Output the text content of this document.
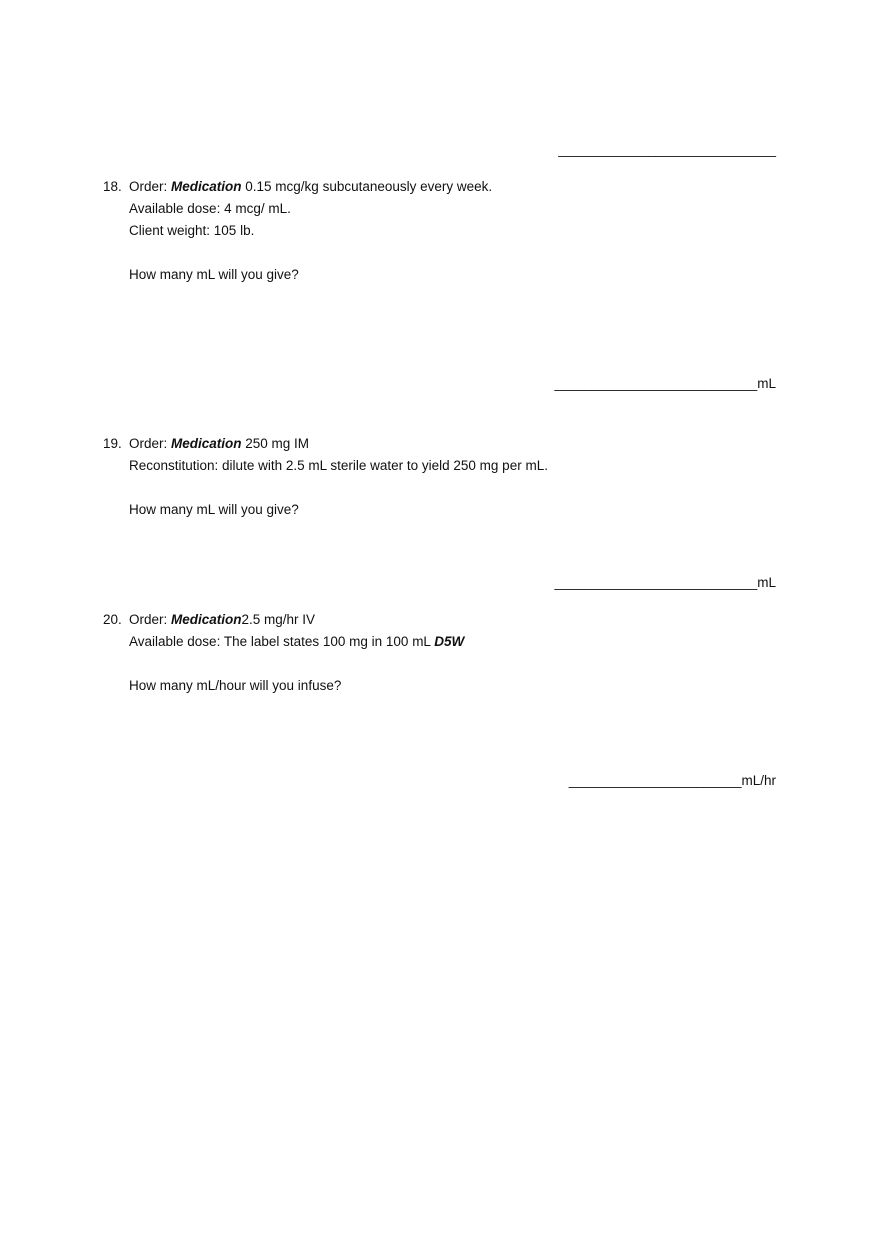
_____________________________
18. Order: Medication 0.15 mcg/kg subcutaneously every week.
Available dose: 4 mcg/ mL.
Client weight: 105 lb.
How many mL will you give?
___________________________mL
19. Order: Medication 250 mg IM
Reconstitution: dilute with 2.5 mL sterile water to yield 250 mg per mL.
How many mL will you give?
___________________________mL
20. Order: Medication2.5 mg/hr IV
Available dose: The label states 100 mg in 100 mL D5W
How many mL/hour will you infuse?
_______________________mL/hr
